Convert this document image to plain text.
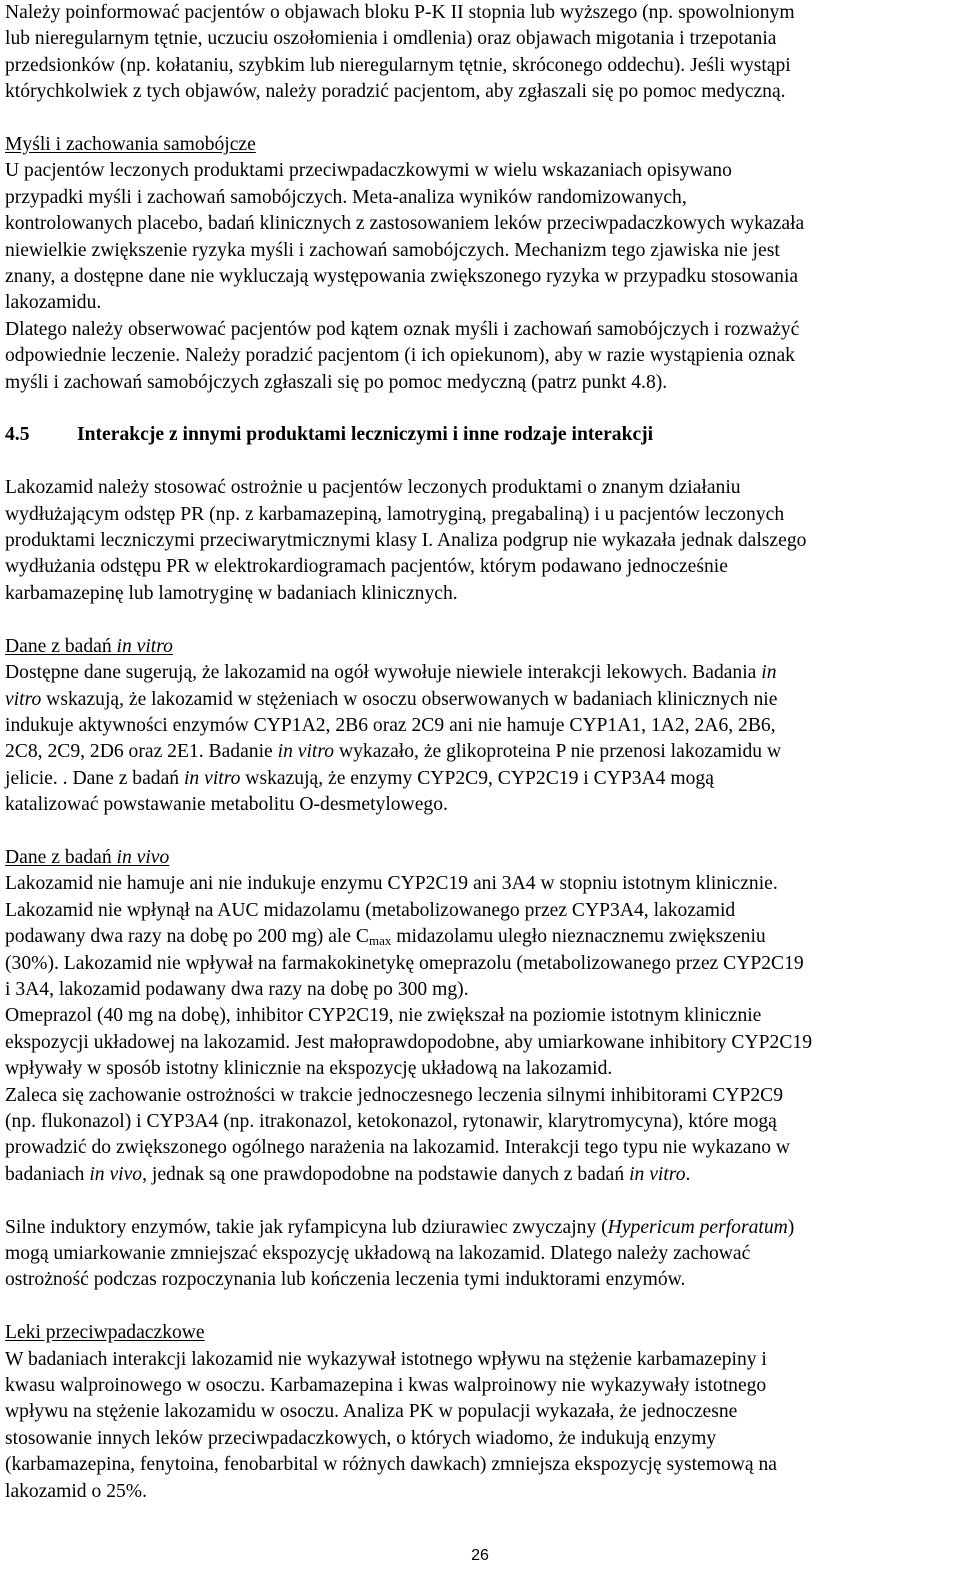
Należy poinformować pacjentów o objawach bloku P-K II stopnia lub wyższego (np. spowolnionym

lub nieregularnym tętnie, uczuciu oszołomienia i omdlenia) oraz objawach migotania i trzepotania

przedsionków (np. kołataniu, szybkim lub nieregularnym tętnie, skróconego oddechu). Jeśli wystąpi

którychkolwiek z tych objawów, należy poradzić pacjentom, aby zgłaszali się po pomoc medyczną.

Myśli i zachowania samobójcze

U pacjentów leczonych produktami przeciwpadaczkowymi w wielu wskazaniach opisywano

przypadki myśli i zachowań samobójczych. Meta-analiza wyników randomizowanych,

kontrolowanych placebo, badań klinicznych z zastosowaniem leków przeciwpadaczkowych wykazała

niewielkie zwiększenie ryzyka myśli i zachowań samobójczych. Mechanizm tego zjawiska nie jest

znany, a dostępne dane nie wykluczają występowania zwiększonego ryzyka w przypadku stosowania

lakozamidu.

Dlatego należy obserwować pacjentów pod kątem oznak myśli i zachowań samobójczych i rozważyć

odpowiednie leczenie. Należy poradzić pacjentom (i ich opiekunom), aby w razie wystąpienia oznak

myśli i zachowań samobójczych zgłaszali się po pomoc medyczną (patrz punkt 4.8).

4.5 Interakcje z innymi produktami leczniczymi i inne rodzaje interakcji

Lakozamid należy stosować ostrożnie u pacjentów leczonych produktami o znanym działaniu

wydłużającym odstęp PR (np. z karbamazepiną, lamotryginą, pregabaliną) i u pacjentów leczonych

produktami leczniczymi przeciwarytmicznymi klasy I. Analiza podgrup nie wykazała jednak dalszego

wydłużania odstępu PR w elektrokardiogramach pacjentów, którym podawano jednocześnie

karbamazepinę lub lamotryginę w badaniach klinicznych.

Dane z badań in vitro

Dostępne dane sugerują, że lakozamid na ogół wywołuje niewiele interakcji lekowych. Badania in

vitro wskazują, że lakozamid w stężeniach w osoczu obserwowanych w badaniach klinicznych nie

indukuje aktywności enzymów CYP1A2, 2B6 oraz 2C9 ani nie hamuje CYP1A1, 1A2, 2A6, 2B6,

2C8, 2C9, 2D6 oraz 2E1. Badanie in vitro wykazało, że glikoproteina P nie przenosi lakozamidu w

jelicie. . Dane z badań in vitro wskazują, że enzymy CYP2C9, CYP2C19 i CYP3A4 mogą

katalizować powstawanie metabolitu O-desmetylowego.

Dane z badań in vivo

Lakozamid nie hamuje ani nie indukuje enzymu CYP2C19 ani 3A4 w stopniu istotnym klinicznie.

Lakozamid nie wpłynął na AUC midazolamu (metabolizowanego przez CYP3A4, lakozamid

podawany dwa razy na dobę po 200 mg) ale $C_{max}$ midazolamu uległo nieznacznemu zwiększeniu

(30%). Lakozamid nie wpływał na farmakokinetykę omeprazolu (metabolizowanego przez CYP2C19

i 3A4, lakozamid podawany dwa razy na dobę po 300 mg).

Omeprazol (40 mg na dobę), inhibitor CYP2C19, nie zwiększał na poziomie istotnym klinicznie

ekspozycji układowej na lakozamid. Jest małoprawdopodobne, aby umiarkowane inhibitory CYP2C19

wpływały w sposób istotny klinicznie na ekspozycję układową na lakozamid.

Zaleca się zachowanie ostrożności w trakcie jednoczesnego leczenia silnymi inhibitorami CYP2C9

(np. flukonazol) i CYP3A4 (np. itrakonazol, ketokonazol, rytonawir, klarytromycyna), które mogą

prowadzić do zwiększonego ogólnego narażenia na lakozamid. Interakcji tego typu nie wykazano w

badaniach in vivo, jednak są one prawdopodobne na podstawie danych z badań in vitro.

Silne induktory enzymów, takie jak ryfampicyna lub dziurawiec zwyczajny (Hypericum perforatum)

mogą umiarkowanie zmniejszać ekspozycję układową na lakozamid. Dlatego należy zachować

ostrożność podczas rozpoczynania lub kończenia leczenia tymi induktorami enzymów.

Leki przeciwpadaczkowe

W badaniach interakcji lakozamid nie wykazywał istotnego wpływu na stężenie karbamazepiny i

kwasu walproinowego w osoczu. Karbamazepina i kwas walproinowy nie wykazywały istotnego

wpływu na stężenie lakozamidu w osoczu. Analiza PK w populacji wykazała, że jednoczesne

stosowanie innych leków przeciwpadaczkowych, o których wiadomo, że indukują enzymy

(karbamazepina, fenytoina, fenobarbital w różnych dawkach) zmniejsza ekspozycję systemową na

lakozamid o 25%.

26
